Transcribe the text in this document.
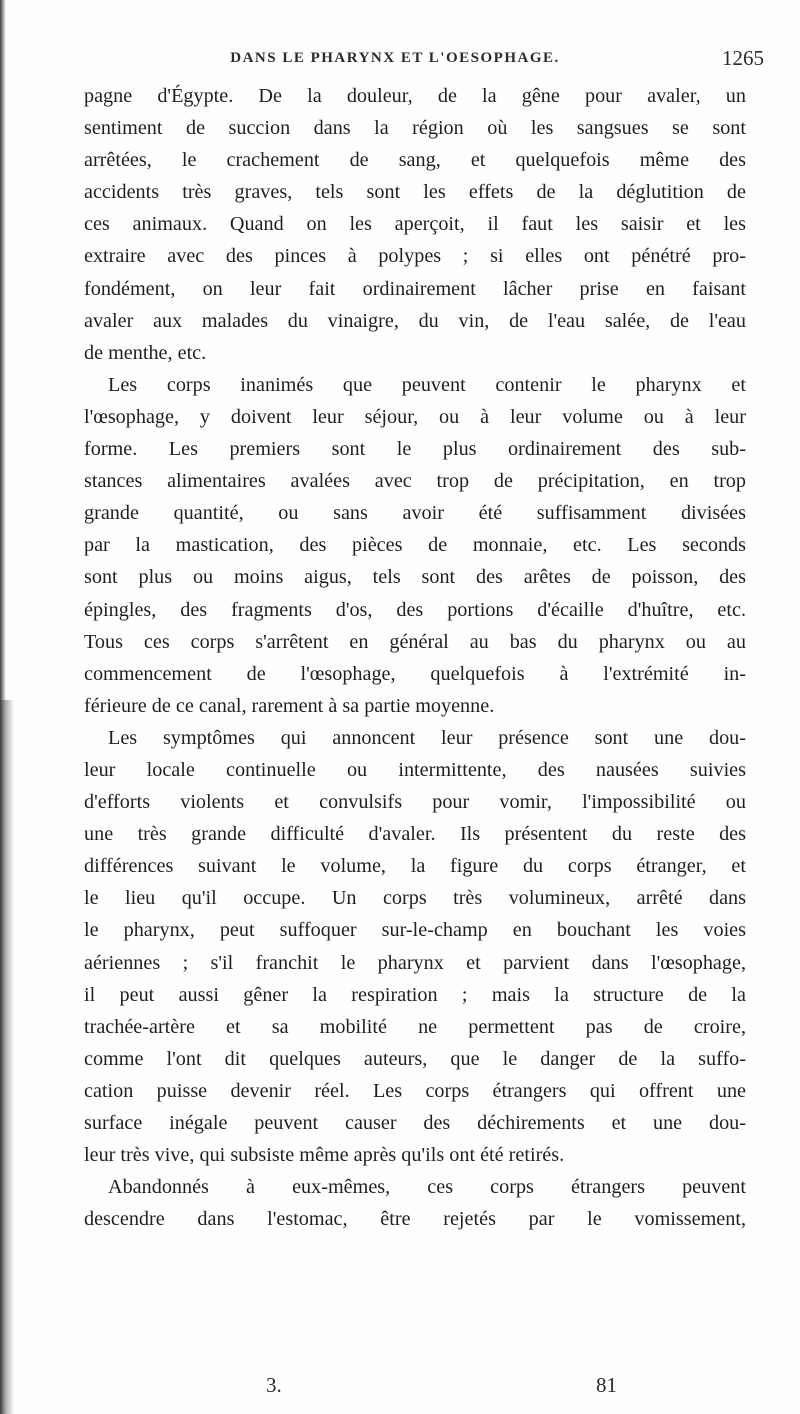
DANS LE PHARYNX ET L'OESOPHAGE.	1265
pagne d'Égypte. De la douleur, de la gêne pour avaler, un
sentiment de succion dans la région où les sangsues se sont
arrêtées, le crachement de sang, et quelquefois même des
accidents très graves, tels sont les effets de la déglutition de
ces animaux. Quand on les aperçoit, il faut les saisir et les
extraire avec des pinces à polypes ; si elles ont pénétré pro-
fondément, on leur fait ordinairement lâcher prise en faisant
avaler aux malades du vinaigre, du vin, de l'eau salée, de l'eau
de menthe, etc.
Les corps inanimés que peuvent contenir le pharynx et
l'œsophage, y doivent leur séjour, ou à leur volume ou à leur
forme. Les premiers sont le plus ordinairement des sub-
stances alimentaires avalées avec trop de précipitation, en trop
grande quantité, ou sans avoir été suffisamment divisées
par la mastication, des pièces de monnaie, etc. Les seconds
sont plus ou moins aigus, tels sont des arêtes de poisson, des
épingles, des fragments d'os, des portions d'écaille d'huître, etc.
Tous ces corps s'arrêtent en général au bas du pharynx ou au
commencement de l'œsophage, quelquefois à l'extrémité in-
férieure de ce canal, rarement à sa partie moyenne.
Les symptômes qui annoncent leur présence sont une dou-
leur locale continuelle ou intermittente, des nausées suivies
d'efforts violents et convulsifs pour vomir, l'impossibilité ou
une très grande difficulté d'avaler. Ils présentent du reste des
différences suivant le volume, la figure du corps étranger, et
le lieu qu'il occupe. Un corps très volumineux, arrêté dans
le pharynx, peut suffoquer sur-le-champ en bouchant les voies
aériennes ; s'il franchit le pharynx et parvient dans l'œsophage,
il peut aussi gêner la respiration ; mais la structure de la
trachée-artère et sa mobilité ne permettent pas de croire,
comme l'ont dit quelques auteurs, que le danger de la suffo-
cation puisse devenir réel. Les corps étrangers qui offrent une
surface inégale peuvent causer des déchirements et une dou-
leur très vive, qui subsiste même après qu'ils ont été retirés.
Abandonnés à eux-mêmes, ces corps étrangers peuvent
descendre dans l'estomac, être rejetés par le vomissement,
3.	81
